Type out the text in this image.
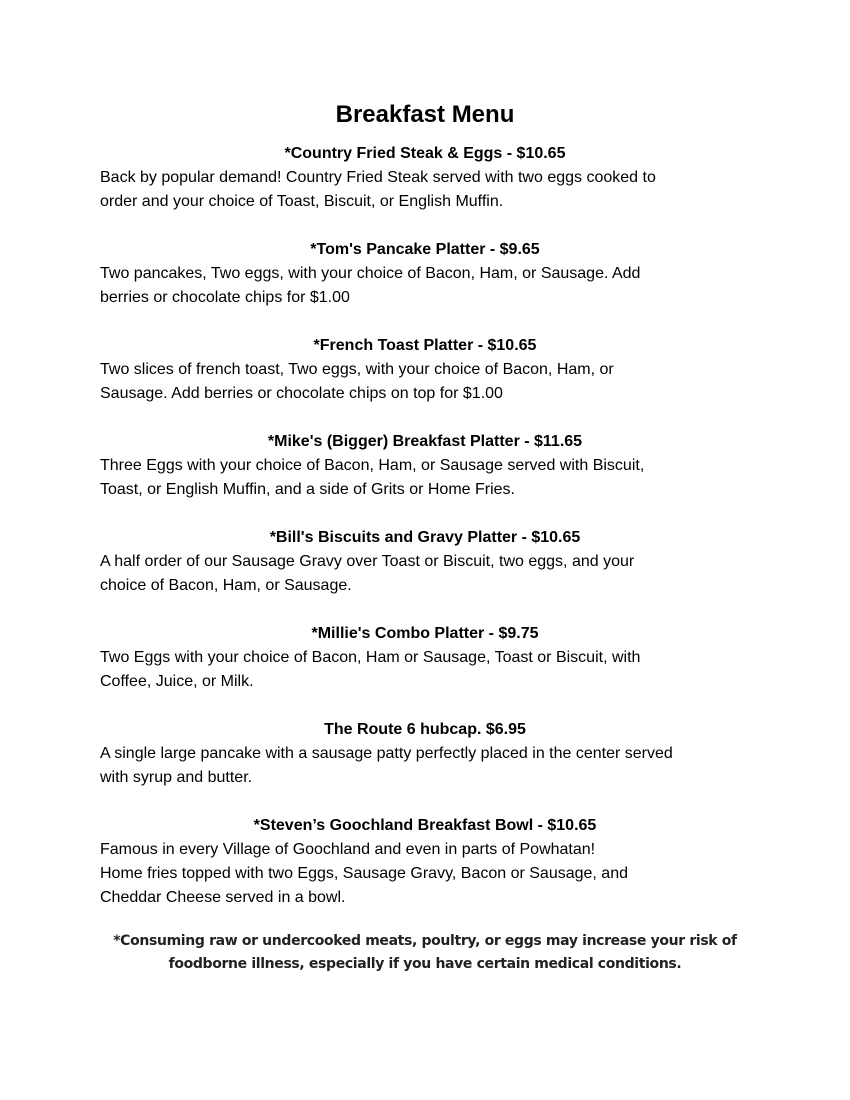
Breakfast Menu

*Country Fried Steak & Eggs - $10.65

Back by popular demand! Country Fried Steak served with two eggs cooked to
order and your choice of Toast, Biscuit, or English Muffin.

*Tom's Pancake Platter - $9.65

Two pancakes, Two eggs, with your choice of Bacon, Ham, or Sausage. Add
berries or chocolate chips for $1.00

*French Toast Platter - $10.65

Two slices of french toast, Two eggs, with your choice of Bacon, Ham, or
Sausage. Add berries or chocolate chips on top for $1.00

*Mike's (Bigger) Breakfast Platter - $11.65

Three Eggs with your choice of Bacon, Ham, or Sausage served with Biscuit,
Toast, or English Muffin, and a side of Grits or Home Fries.

*Bill's Biscuits and Gravy Platter - $10.65

A half order of our Sausage Gravy over Toast or Biscuit, two eggs, and your
choice of Bacon, Ham, or Sausage.

*Millie's Combo Platter - $9.75

Two Eggs with your choice of Bacon, Ham or Sausage, Toast or Biscuit, with
Coffee, Juice, or Milk.

The Route 6 hubcap. $6.95

A single large pancake with a sausage patty perfectly placed in the center served
with syrup and butter.

*Steven’s Goochland Breakfast Bowl - $10.65

Famous in every Village of Goochland and even in parts of Powhatan!
Home fries topped with two Eggs, Sausage Gravy, Bacon or Sausage, and
Cheddar Cheese served in a bowl.

*Consuming raw or undercooked meats, poultry, or eggs may increase your risk of
foodborne illness, especially if you have certain medical conditions.
